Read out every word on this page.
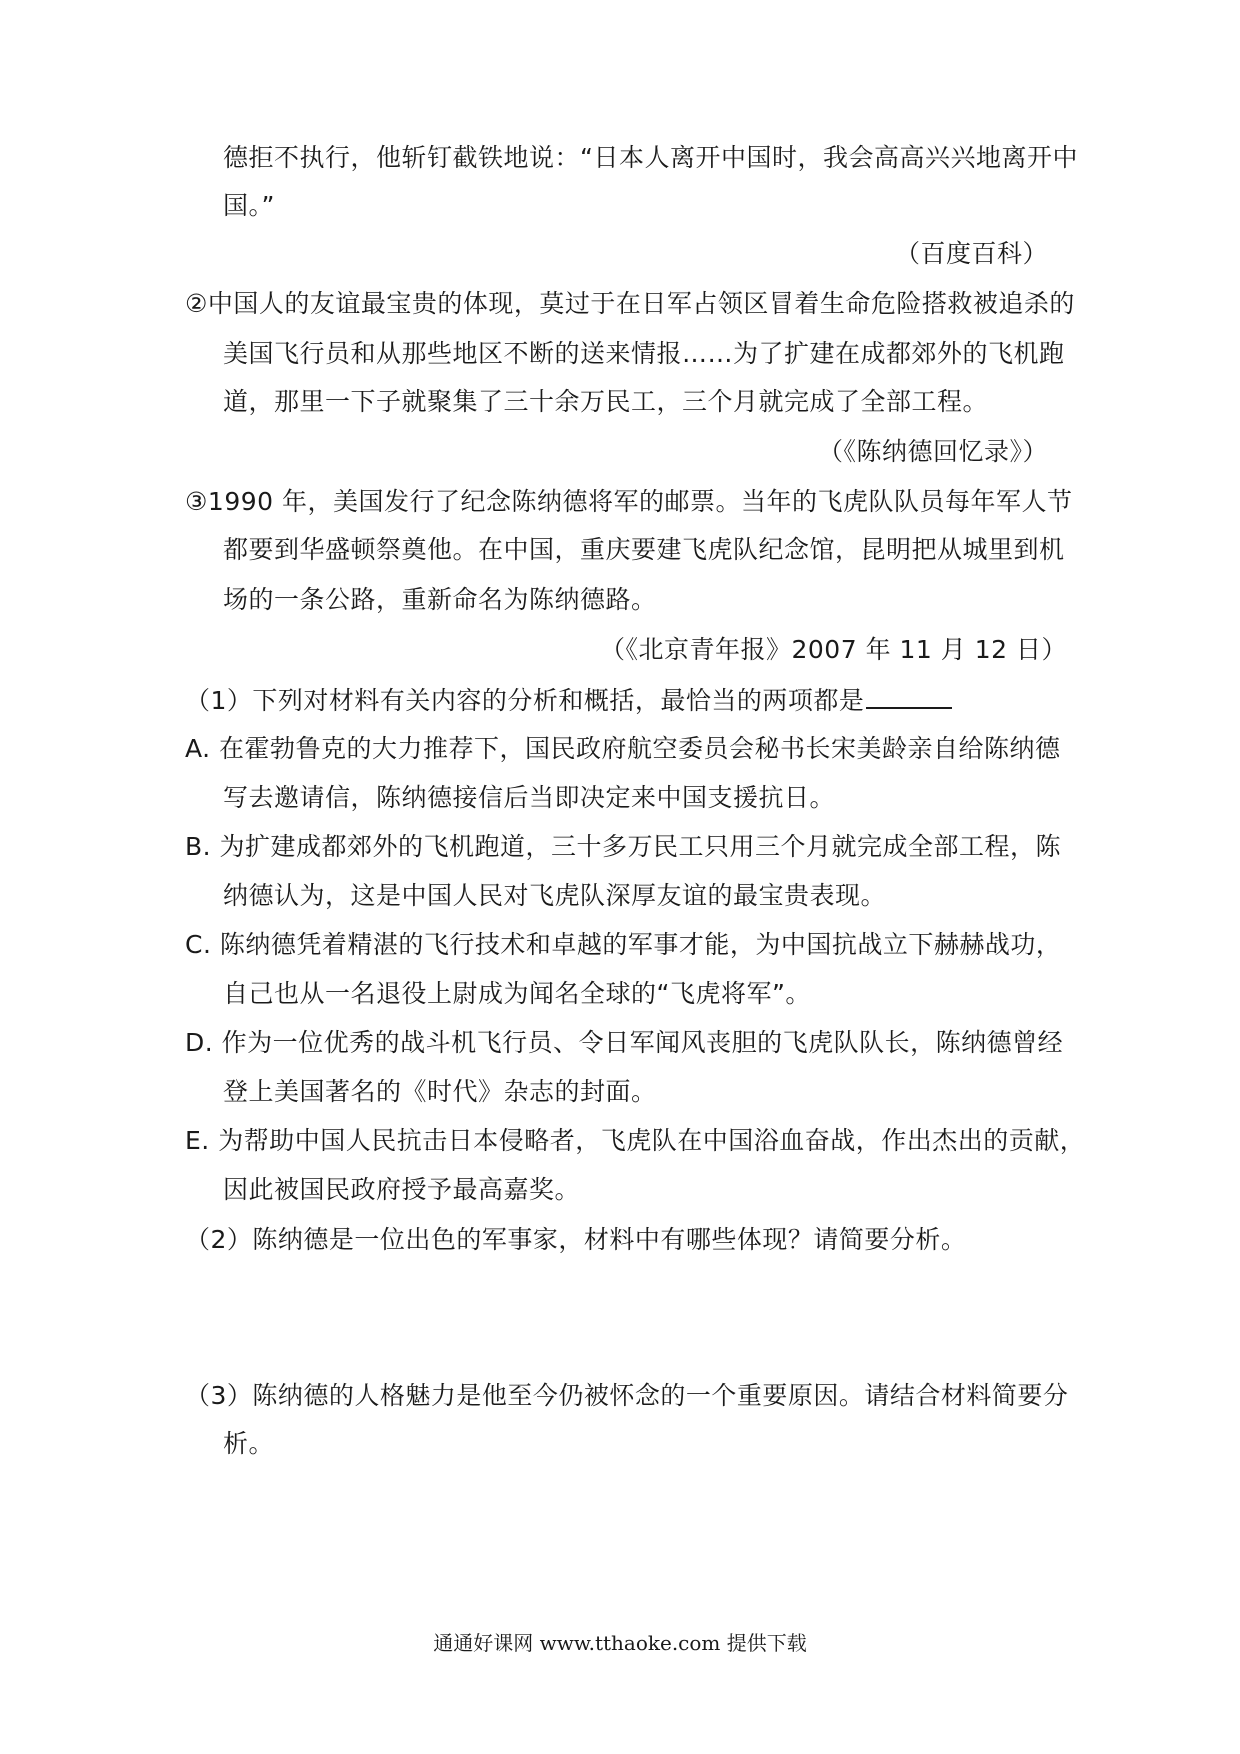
德拒不执行，他斩钉截铁地说：“日本人离开中国时，我会高高兴兴地离开中
国。”
（百度百科）
②中国人的友谊最宝贵的体现，莫过于在日军占领区冒着生命危险搭救被追杀的
美国飞行员和从那些地区不断的送来情报……为了扩建在成都郊外的飞机跑
道，那里一下子就聚集了三十余万民工，三个月就完成了全部工程。
（《陈纳德回忆录》）
③1990 年，美国发行了纪念陈纳德将军的邮票。当年的飞虎队队员每年军人节
都要到华盛顿祭奠他。在中国，重庆要建飞虎队纪念馆，昆明把从城里到机
场的一条公路，重新命名为陈纳德路。
（《北京青年报》2007 年 11 月 12 日）
（1）下列对材料有关内容的分析和概括，最恰当的两项都是
A. 在霍勃鲁克的大力推荐下，国民政府航空委员会秘书长宋美龄亲自给陈纳德
写去邀请信，陈纳德接信后当即决定来中国支援抗日。
B. 为扩建成都郊外的飞机跑道，三十多万民工只用三个月就完成全部工程，陈
纳德认为，这是中国人民对飞虎队深厚友谊的最宝贵表现。
C. 陈纳德凭着精湛的飞行技术和卓越的军事才能，为中国抗战立下赫赫战功，
自己也从一名退役上尉成为闻名全球的“飞虎将军”。
D. 作为一位优秀的战斗机飞行员、令日军闻风丧胆的飞虎队队长，陈纳德曾经
登上美国著名的《时代》杂志的封面。
E. 为帮助中国人民抗击日本侵略者，飞虎队在中国浴血奋战，作出杰出的贡献，
因此被国民政府授予最高嘉奖。
（2）陈纳德是一位出色的军事家，材料中有哪些体现？请简要分析。
（3）陈纳德的人格魅力是他至今仍被怀念的一个重要原因。请结合材料简要分
析。
通通好课网 www.tthaoke.com 提供下载
